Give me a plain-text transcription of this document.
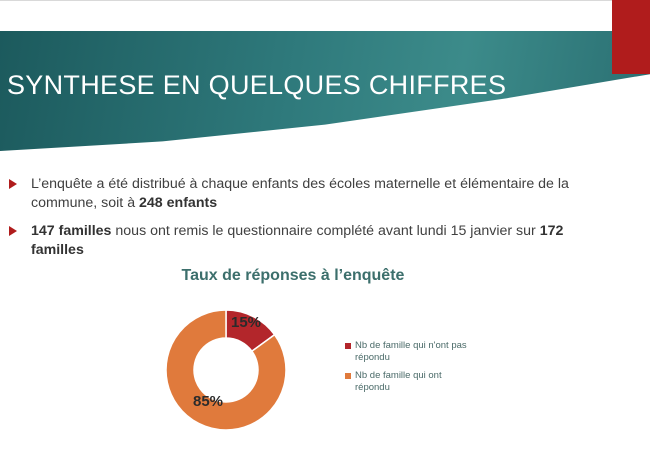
SYNTHESE EN QUELQUES CHIFFRES
L’enquête a été distribué à chaque enfants des écoles maternelle et élémentaire de la commune, soit à 248 enfants
147 familles nous ont remis le questionnaire complété avant lundi 15 janvier sur 172 familles
Taux de réponses à l’enquête
15%
85%
Nb de famille qui n'ont pas répondu
Nb de famille qui ont répondu
